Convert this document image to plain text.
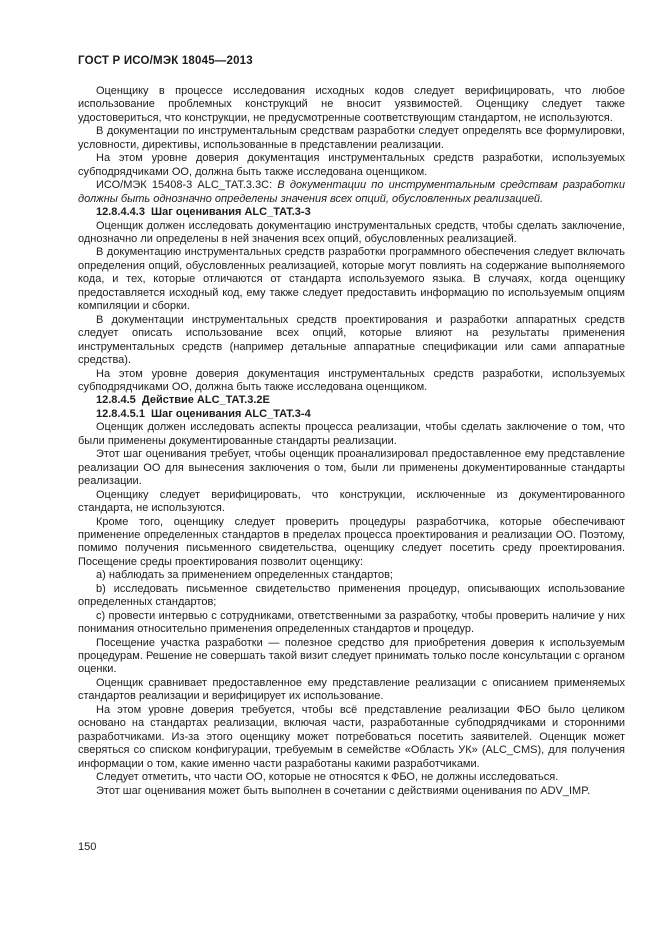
ГОСТ Р ИСО/МЭК 18045—2013

Оценщику в процессе исследования исходных кодов следует верифицировать, что любое использование проблемных конструкций не вносит уязвимостей. Оценщику следует также удостовериться, что конструкции, не предусмотренные соответствующим стандартом, не используются.

В документации по инструментальным средствам разработки следует определять все формулировки, условности, директивы, использованные в представлении реализации.

На этом уровне доверия документация инструментальных средств разработки, используемых субподрядчиками ОО, должна быть также исследована оценщиком.

ИСО/МЭК 15408-3 ALC_TAT.3.3C: В документации по инструментальным средствам разработки должны быть однозначно определены значения всех опций, обусловленных реализацией.

12.8.4.4.3  Шаг оценивания ALC_TAT.3-3

Оценщик должен исследовать документацию инструментальных средств, чтобы сделать заключение, однозначно ли определены в ней значения всех опций, обусловленных реализацией.

В документацию инструментальных средств разработки программного обеспечения следует включать определения опций, обусловленных реализацией, которые могут повлиять на содержание выполняемого кода, и тех, которые отличаются от стандарта используемого языка. В случаях, когда оценщику предоставляется исходный код, ему также следует предоставить информацию по используемым опциям компиляции и сборки.

В документации инструментальных средств проектирования и разработки аппаратных средств следует описать использование всех опций, которые влияют на результаты применения инструментальных средств (например детальные аппаратные спецификации или сами аппаратные средства).

На этом уровне доверия документация инструментальных средств разработки, используемых субподрядчиками ОО, должна быть также исследована оценщиком.

12.8.4.5  Действие ALC_TAT.3.2E

12.8.4.5.1  Шаг оценивания ALC_TAT.3-4

Оценщик должен исследовать аспекты процесса реализации, чтобы сделать заключение о том, что были применены документированные стандарты реализации.

Этот шаг оценивания требует, чтобы оценщик проанализировал предоставленное ему представление реализации ОО для вынесения заключения о том, были ли применены документированные стандарты реализации.

Оценщику следует верифицировать, что конструкции, исключенные из документированного стандарта, не используются.

Кроме того, оценщику следует проверить процедуры разработчика, которые обеспечивают применение определенных стандартов в пределах процесса проектирования и реализации ОО. Поэтому, помимо получения письменного свидетельства, оценщику следует посетить среду проектирования. Посещение среды проектирования позволит оценщику:

a) наблюдать за применением определенных стандартов;

b) исследовать письменное свидетельство применения процедур, описывающих использование определенных стандартов;

c) провести интервью с сотрудниками, ответственными за разработку, чтобы проверить наличие у них понимания относительно применения определенных стандартов и процедур.

Посещение участка разработки — полезное средство для приобретения доверия к используемым процедурам. Решение не совершать такой визит следует принимать только после консультации с органом оценки.

Оценщик сравнивает предоставленное ему представление реализации с описанием применяемых стандартов реализации и верифицирует их использование.

На этом уровне доверия требуется, чтобы всё представление реализации ФБО было целиком основано на стандартах реализации, включая части, разработанные субподрядчиками и сторонними разработчиками. Из-за этого оценщику может потребоваться посетить заявителей. Оценщик может сверяться со списком конфигурации, требуемым в семействе «Область УК» (ALC_CMS), для получения информации о том, какие именно части разработаны какими разработчиками.

Следует отметить, что части ОО, которые не относятся к ФБО, не должны исследоваться.

Этот шаг оценивания может быть выполнен в сочетании с действиями оценивания по ADV_IMP.

150
